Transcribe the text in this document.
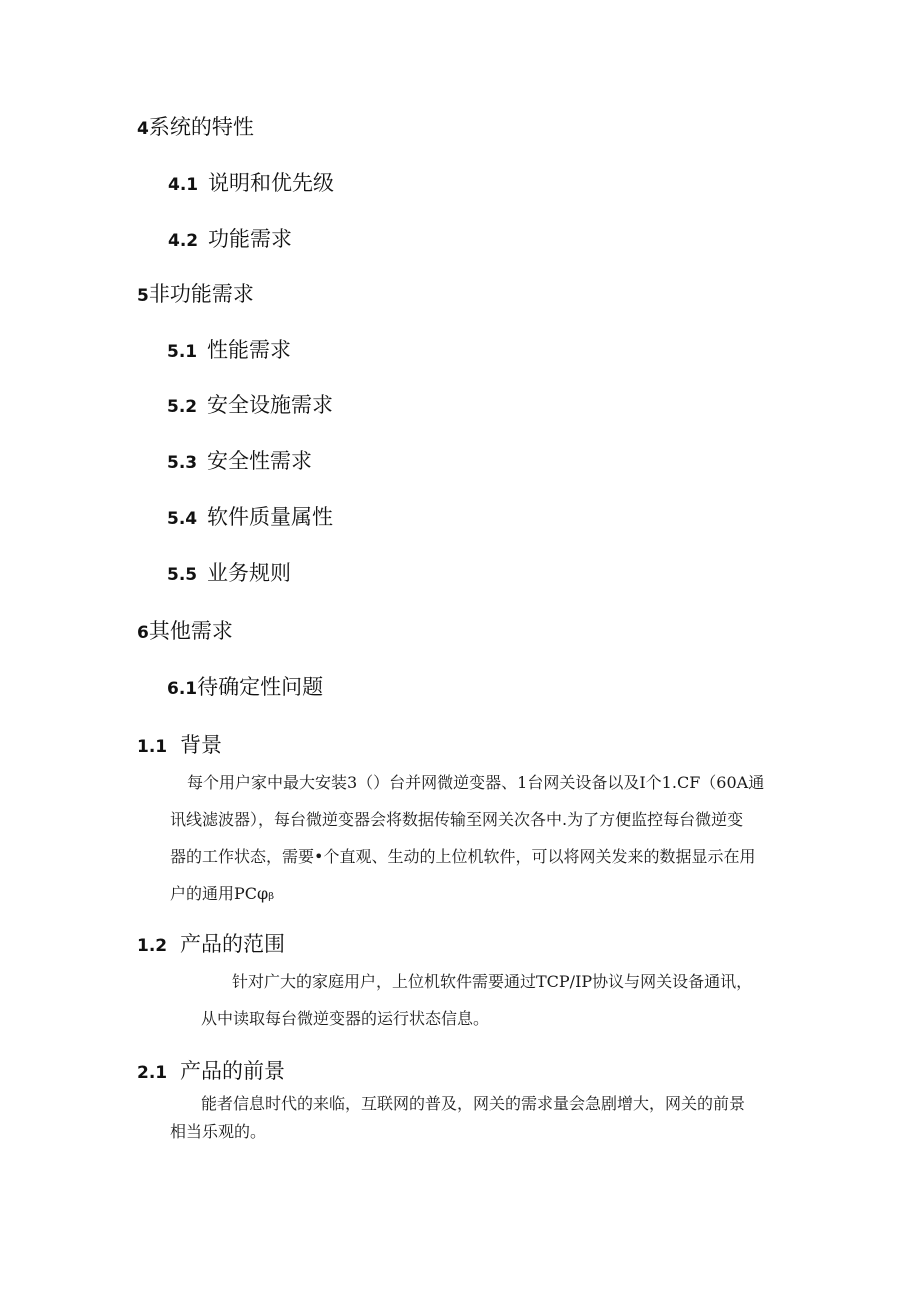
4系统的特性
4.1 说明和优先级
4.2 功能需求
5非功能需求
5.1 性能需求
5.2 安全设施需求
5.3 安全性需求
5.4 软件质量属性
5.5 业务规则
6其他需求
6.1待确定性问题
1.1 背景
每个用户家中最大安装3（）台并网微逆变器、1台网关设备以及I个1.CF（60A通
讯线滤波器），每台微逆变器会将数据传输至网关次各中.为了方便监控每台微逆变
器的工作状态，需要•个直观、生动的上位机软件，可以将网关发来的数据显示在用
户的通用PCφᵦ
1.2 产品的范围
针对广大的家庭用户，上位机软件需要通过TCP/IP协议与网关设备通讯，
从中读取每台微逆变器的运行状态信息。
2.1 产品的前景
能者信息时代的来临，互联网的普及，网关的需求量会急剧增大，网关的前景
相当乐观的。
